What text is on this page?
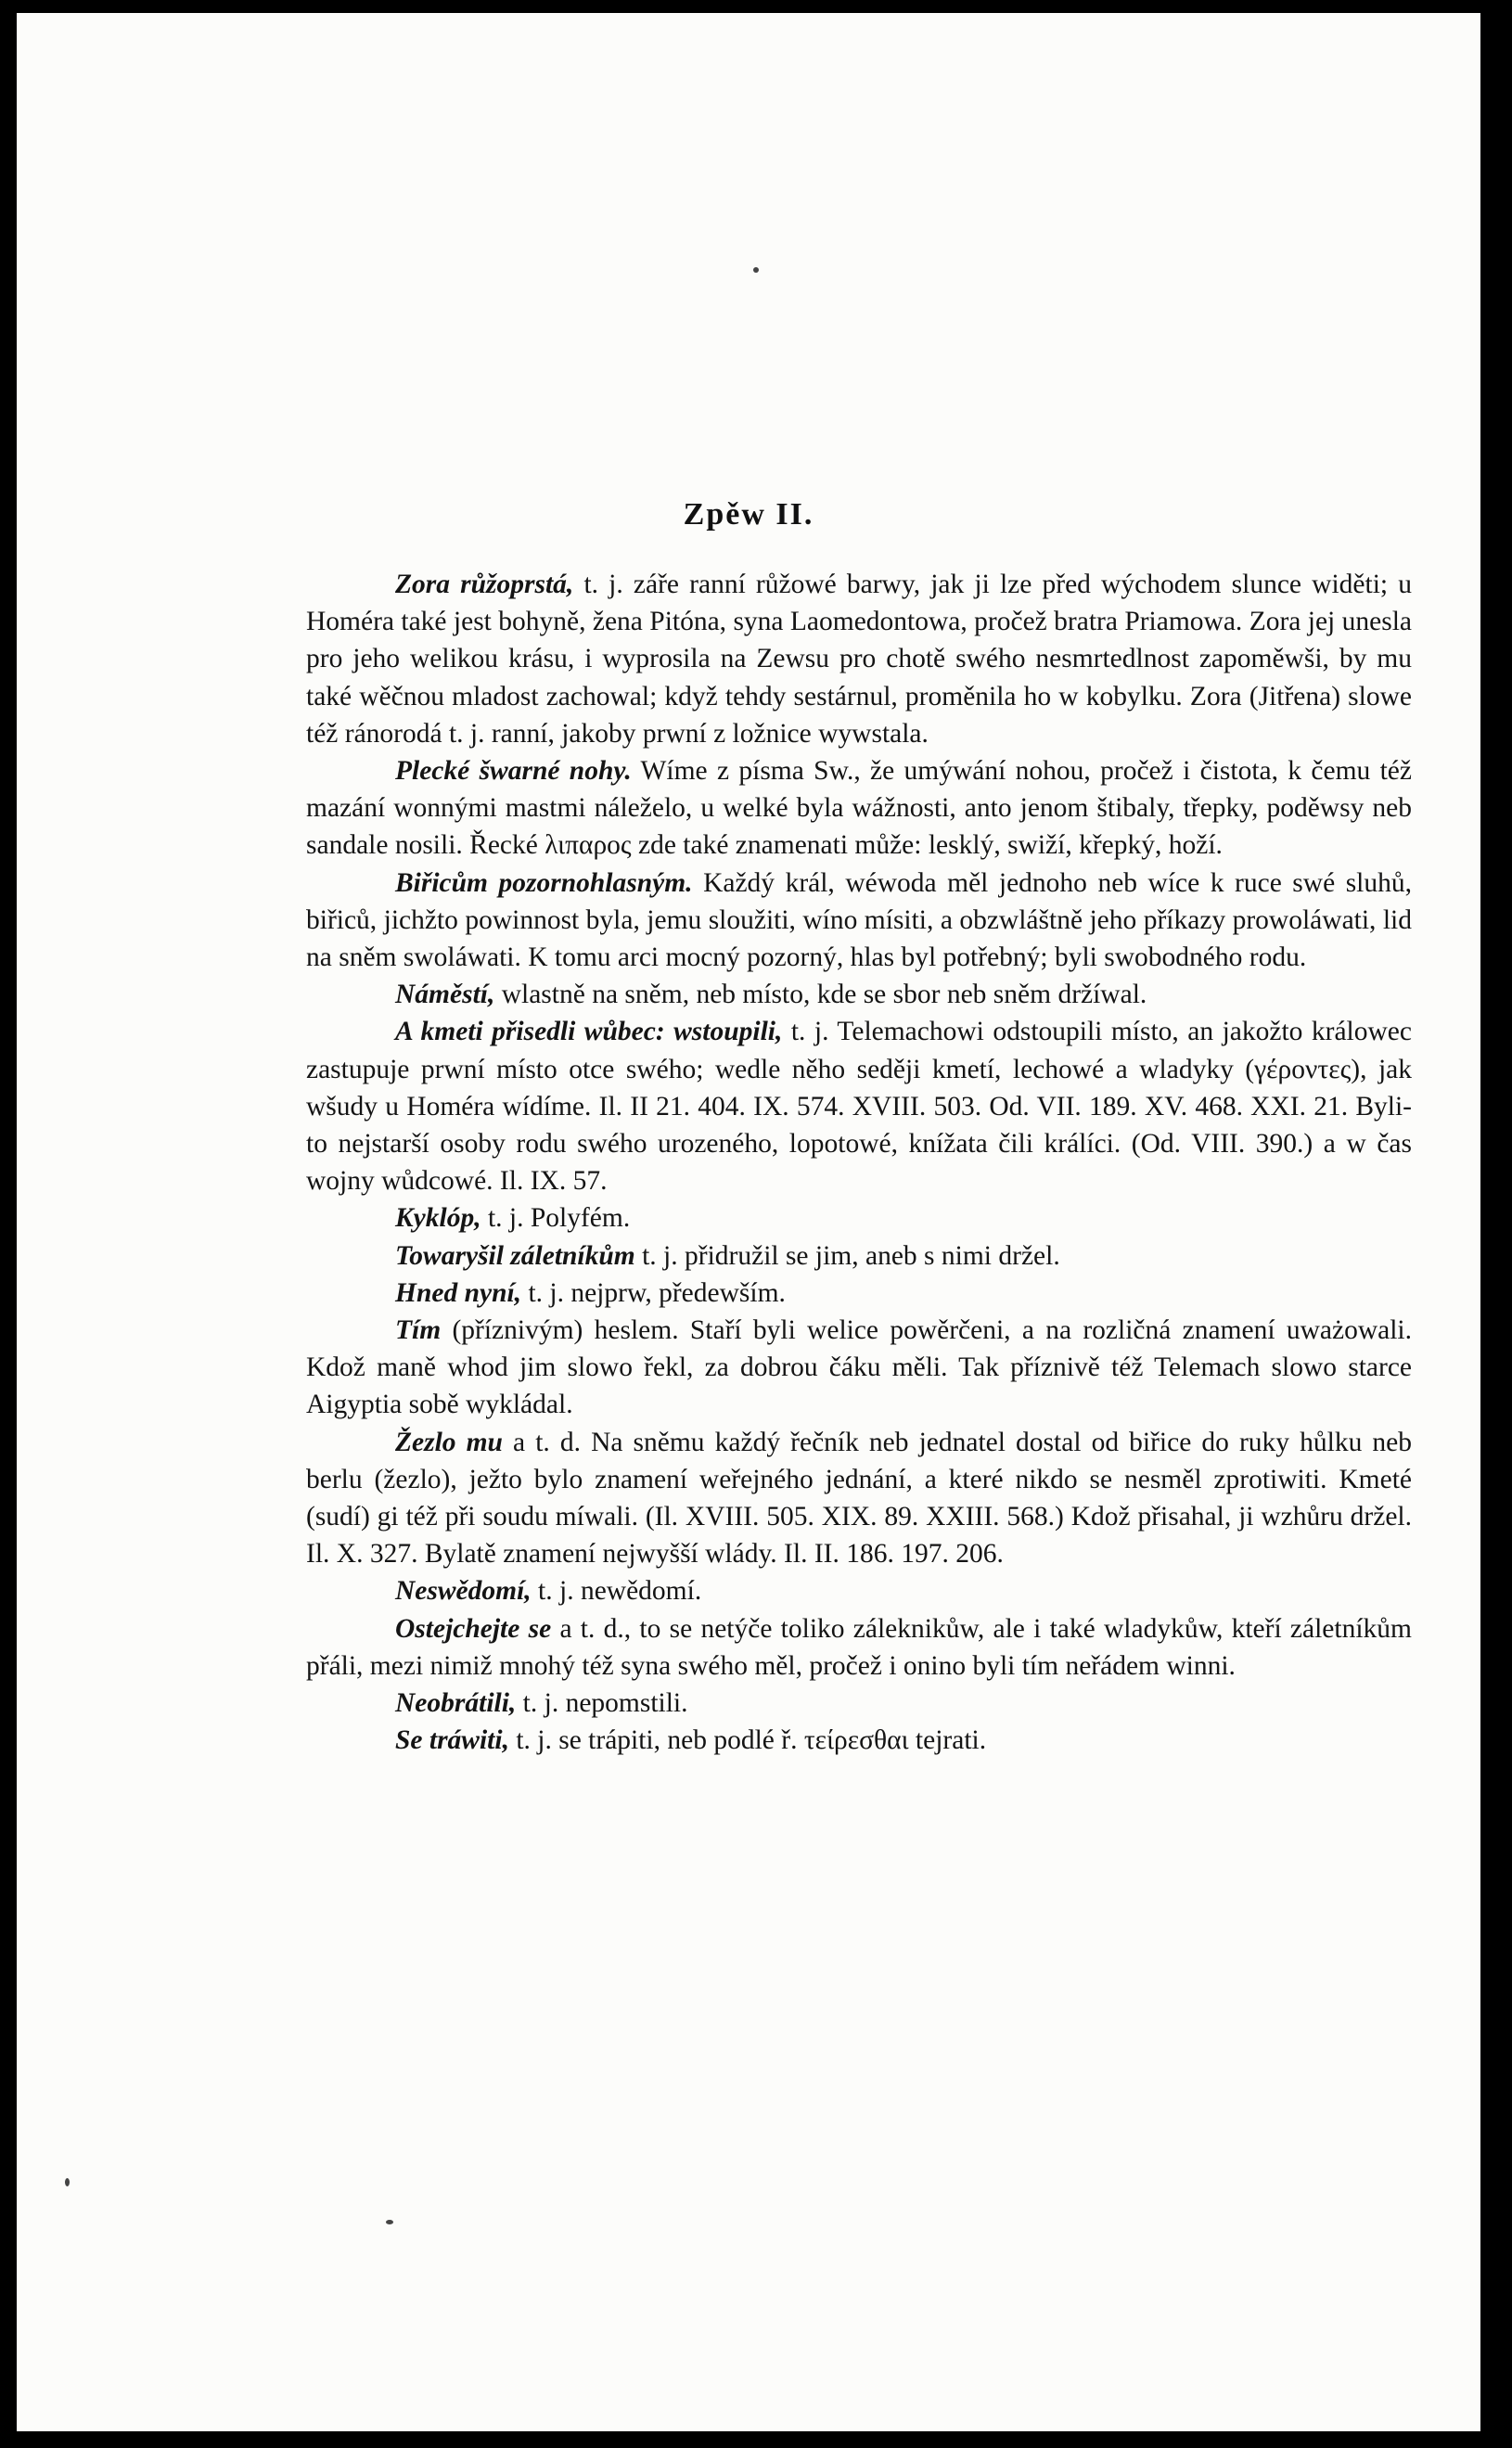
Zpěw II.

Zora růžoprstá, t. j. záře ranní růžowé barwy, jak ji lze před wýchodem slunce widěti; u Homéra také jest bohyně, žena Pitóna, syna Laomedontowa, pročež bratra Priamowa. Zora jej unesla pro jeho welikou krásu, i wyprosila na Zewsu pro chotě swého nesmrtedlnost zapoměwši, by mu také wěčnou mladost zachowal; když tehdy sestárnul, proměnila ho w kobylku. Zora (Jitřena) slowe též ránorodá t. j. ranní, jakoby prwní z ložnice wywstala.

Plecké šwarné nohy. Wíme z písma Sw., že umýwání nohou, pročež i čistota, k čemu též mazání wonnými mastmi náleželo, u welké byla wážnosti, anto jenom štibaly, třepky, poděwsy neb sandale nosili. Řecké λιπαρος zde také znamenati může: lesklý, swiží, křepký, hoží.

Biřicům pozornohlasným. Každý král, wéwoda měl jednoho neb wíce k ruce swé sluhů, biřiců, jichžto powinnost byla, jemu sloužiti, wíno mísiti, a obzwláštně jeho příkazy prowoláwati, lid na sněm swoláwati. K tomu arci mocný pozorný, hlas byl potřebný; byli swobodného rodu.

Náměstí, wlastně na sněm, neb místo, kde se sbor neb sněm držíwal.

A kmeti přisedli wůbec: wstoupili, t. j. Telemachowi odstoupili místo, an jakožto králowec zastupuje prwní místo otce swého; wedle něho seději kmetí, lechowé a wladyky (γέροντες), jak wšudy u Homéra wídíme. Il. II 21. 404. IX. 574. XVIII. 503. Od. VII. 189. XV. 468. XXI. 21. Byli-to nejstarší osoby rodu swého urozeného, lopotowé, knížata čili králíci. (Od. VIII. 390.) a w čas wojny wůdcowé. Il. IX. 57.

Kyklóp, t. j. Polyfém.

Towaryšil záletníkům t. j. přidružil se jim, aneb s nimi držel.

Hned nyní, t. j. nejprw, předewším.

Tím (příznivým) heslem. Staří byli welice powěrčeni, a na rozličná znamení uważowali. Kdož maně whod jim slowo řekl, za dobrou čáku měli. Tak příznivě též Telemach slowo starce Aigyptia sobě wykládal.

Žezlo mu a t. d. Na sněmu každý řečník neb jednatel dostal od biřice do ruky hůlku neb berlu (žezlo), ježto bylo znamení weřejného jednání, a které nikdo se nesměl zprotiwiti. Kmeté (sudí) gi též při soudu míwali. (Il. XVIII. 505. XIX. 89. XXIII. 568.) Kdož přisahal, ji wzhůru držel. Il. X. 327. Bylatě znamení nejwyšší wlády. Il. II. 186. 197. 206.

Neswědomí, t. j. newědomí.

Ostejchejte se a t. d., to se netýče toliko záleknikůw, ale i také wladykůw, kteří záletníkům přáli, mezi nimiž mnohý též syna swého měl, pročež i onino byli tím neřádem winni.

Neobrátili, t. j. nepomstili.

Se tráwiti, t. j. se trápiti, neb podlé ř. τείρεσθαι tejrati.
